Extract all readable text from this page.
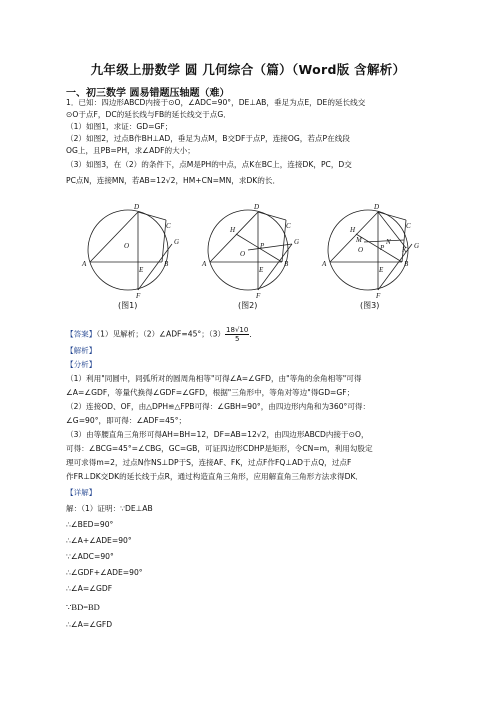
九年级上册数学 圆 几何综合（篇）（Word版 含解析）
一、初三数学 圆易错题压轴题（难）
1．已知：四边形ABCD内接于⊙O，∠ADC=90°，DE⊥AB，垂足为点E，DE的延长线交
⊙O于点F，DC的延长线与FB的延长线交于点G．
（1）如图1，求证：GD=GF；
（2）如图2，过点B作BH⊥AD，垂足为点M，B交DF于点P，连接OG，若点P在线段
OG上，且PB=PH，求∠ADF的大小；
（3）如图3，在（2）的条件下，点M是PH的中点，点K在BC上，连接DK，PC，D交
PC点N，连接MN，若AB=12√2，HM+CN=MN，求DK的长．
D
C
G
A	B
E
F
O
(图1)
D
H	C
G
P
A	B
E
F
O
(图2)
D
H
M
C
N	G
K
P
A	B
E
F
O
(图3)
【答案】（1）见解析；（2）∠ADF=45°；$(3) \frac{18√10}{5}$ ．
【解析】
【分析】
（1）利用"同圆中，同弧所对的圆周角相等"可得∠A=∠GFD，由"等角的余角相等"可得
∠A=∠GDF，等量代换得∠GDF=∠GFD，根据"三角形中，等角对等边"得GD=GF；
（2）连接OD、OF，由△DPH≌△FPB可得：∠GBH=90°，由四边形内角和为360°可得：
∠G=90°，即可得：∠ADF=45°；
（3）由等腰直角三角形可得AH=BH=12，DF=AB=12√2，由四边形ABCD内接于⊙O，
可得：∠BCG=45°=∠CBG，GC=GB，可证四边形CDHP是矩形，令CN=m，利用勾股定
理可求得m=2，过点N作NS⊥DP于S，连接AF、FK，过点F作FQ⊥AD于点Q，过点F
作FR⊥DK交DK的延长线于点R，通过构造直角三角形，应用解直角三角形方法求得DK．
【详解】
解：（1）证明：∵DE⊥AB
∴∠BED=90°
∴∠A+∠ADE=90°
∵∠ADC=90°
∴∠GDF+∠ADE=90°
∴∠A=∠GDF
∵BD=BD
∴∠A=∠GFD
